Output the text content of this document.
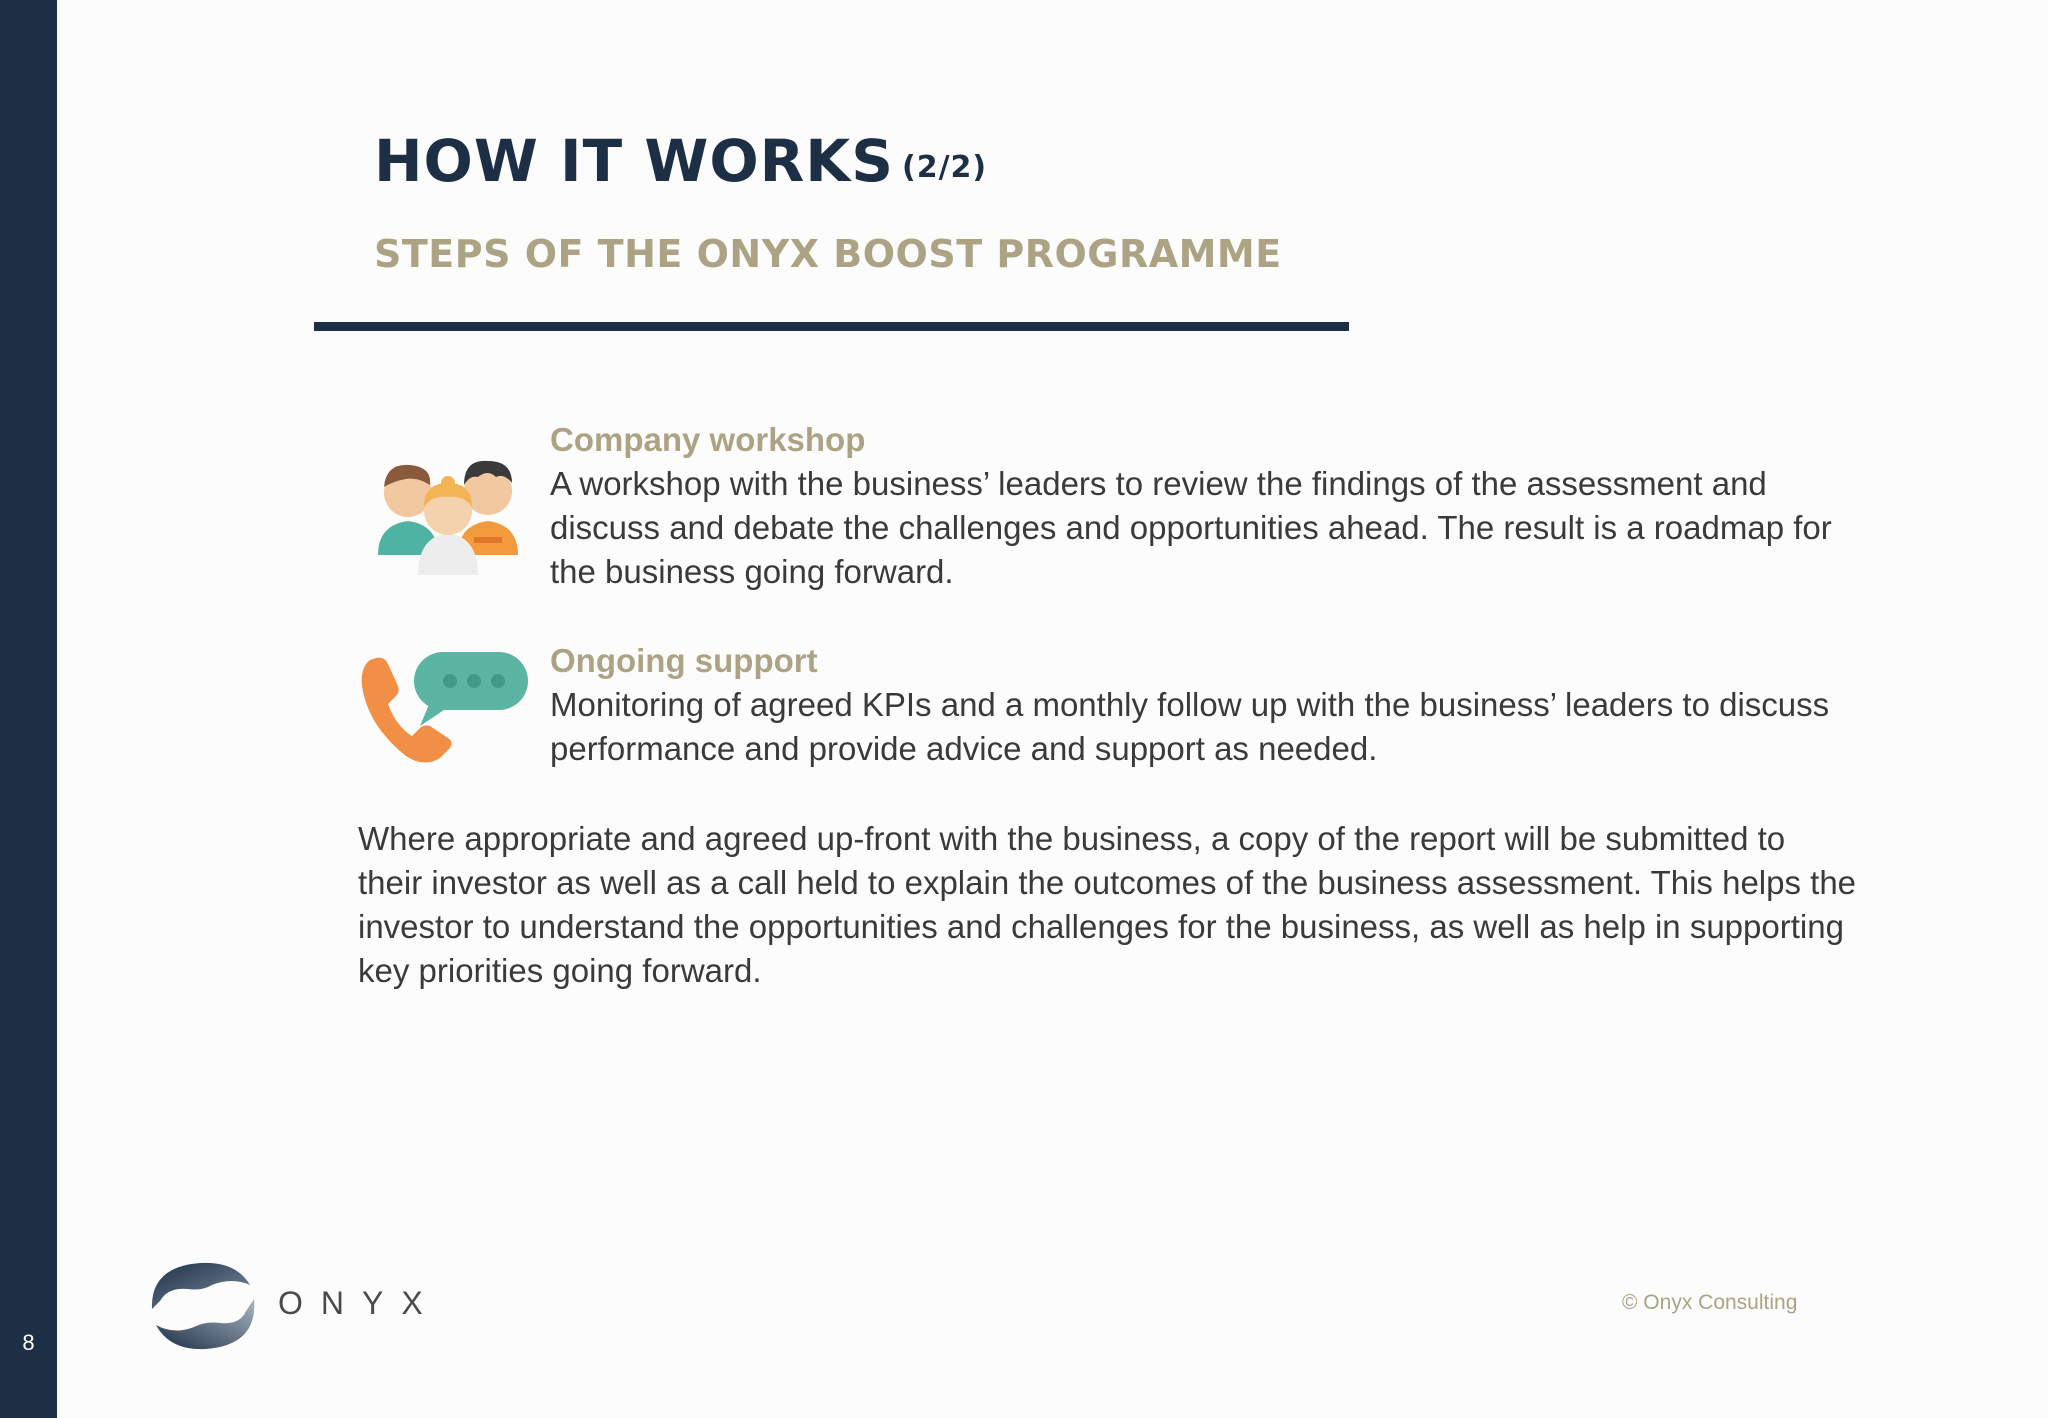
8
HOW IT WORKS (2/2)
STEPS OF THE ONYX BOOST PROGRAMME
Company workshop
A workshop with the business’ leaders to review the findings of the assessment and discuss and debate the challenges and opportunities ahead. The result is a roadmap for the business going forward.
Ongoing support
Monitoring of agreed KPIs and a monthly follow up with the business’ leaders to discuss performance and provide advice and support as needed.

Where appropriate and agreed up-front with the business, a copy of the report will be submitted to their investor as well as a call held to explain the outcomes of the business assessment. This helps the investor to understand the opportunities and challenges for the business, as well as help in supporting key priorities going forward.

ONYX	© Onyx Consulting
